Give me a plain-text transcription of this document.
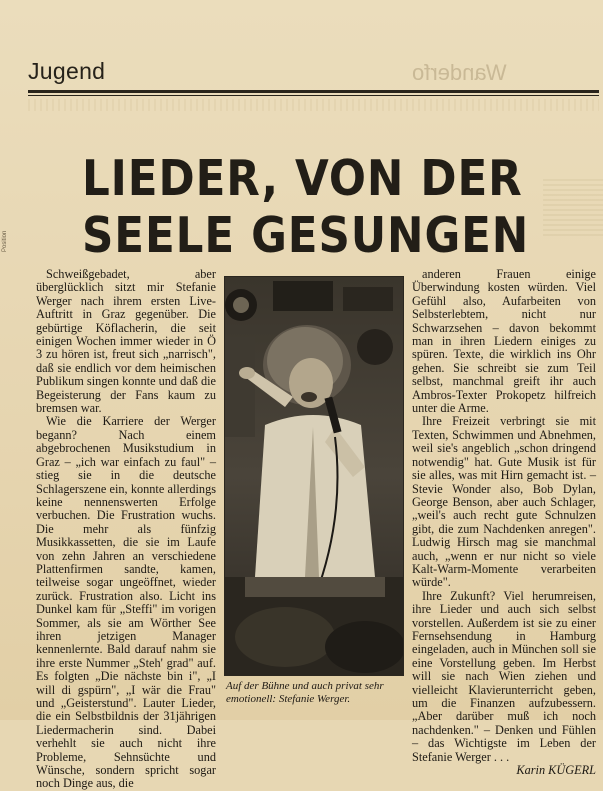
Jugend	Wanderfo
Position
LIEDER, VON DER
SEELE GESUNGEN

Schweißgebadet, aber überglücklich sitzt mir Stefanie Werger nach ihrem ersten Live-Auftritt in Graz gegenüber. Die gebürtige Köflacherin, die seit einigen Wochen immer wieder in Ö 3 zu hören ist, freut sich „narrisch", daß sie endlich vor dem heimischen Publikum singen konnte und daß die Begeisterung der Fans kaum zu bremsen war.

Wie die Karriere der Werger begann? Nach einem abgebrochenen Musikstudium in Graz – „ich war einfach zu faul" – stieg sie in die deutsche Schlagerszene ein, konnte allerdings keine nennenswerten Erfolge verbuchen. Die Frustration wuchs. Die mehr als fünfzig Musikkassetten, die sie im Laufe von zehn Jahren an verschiedene Plattenfirmen sandte, kamen, teilweise sogar ungeöffnet, wieder zurück. Frustration also. Licht ins Dunkel kam für „Steffi" im vorigen Sommer, als sie am Wörther See ihren jetzigen Manager kennenlernte. Bald darauf nahm sie ihre erste Nummer „Steh' grad" auf. Es folgten „Die nächste bin i", „I will di gspürn", „I wär die Frau" und „Geisterstund". Lauter Lieder, die ein Selbstbildnis der 31jährigen Liedermacherin sind. Dabei verhehlt sie auch nicht ihre Probleme, Sehnsüchte und Wünsche, sondern spricht sogar noch Dinge aus, die

Auf der Bühne und auch privat sehr emotionell: Stefanie Werger.

anderen Frauen einige Überwindung kosten würden. Viel Gefühl also, Aufarbeiten von Selbsterlebtem, nicht nur Schwarzsehen – davon bekommt man in ihren Liedern einiges zu spüren. Texte, die wirklich ins Ohr gehen. Sie schreibt sie zum Teil selbst, manchmal greift ihr auch Ambros-Texter Prokopetz hilfreich unter die Arme.

Ihre Freizeit verbringt sie mit Texten, Schwimmen und Abnehmen, weil sie's angeblich „schon dringend notwendig" hat. Gute Musik ist für sie alles, was mit Hirn gemacht ist. – Stevie Wonder also, Bob Dylan, George Benson, aber auch Schlager, „weil's auch recht gute Schnulzen gibt, die zum Nachdenken anregen". Ludwig Hirsch mag sie manchmal auch, „wenn er nur nicht so viele Kalt-Warm-Momente verarbeiten würde".

Ihre Zukunft? Viel herumreisen, ihre Lieder und auch sich selbst vorstellen. Außerdem ist sie zu einer Fernsehsendung in Hamburg eingeladen, auch in München soll sie eine Vorstellung geben. Im Herbst will sie nach Wien ziehen und vielleicht Klavierunterricht geben, um die Finanzen aufzubessern. „Aber darüber muß ich noch nachdenken." – Denken und Fühlen – das Wichtigste im Leben der Stefanie Werger . . .

Karin KÜGERL
